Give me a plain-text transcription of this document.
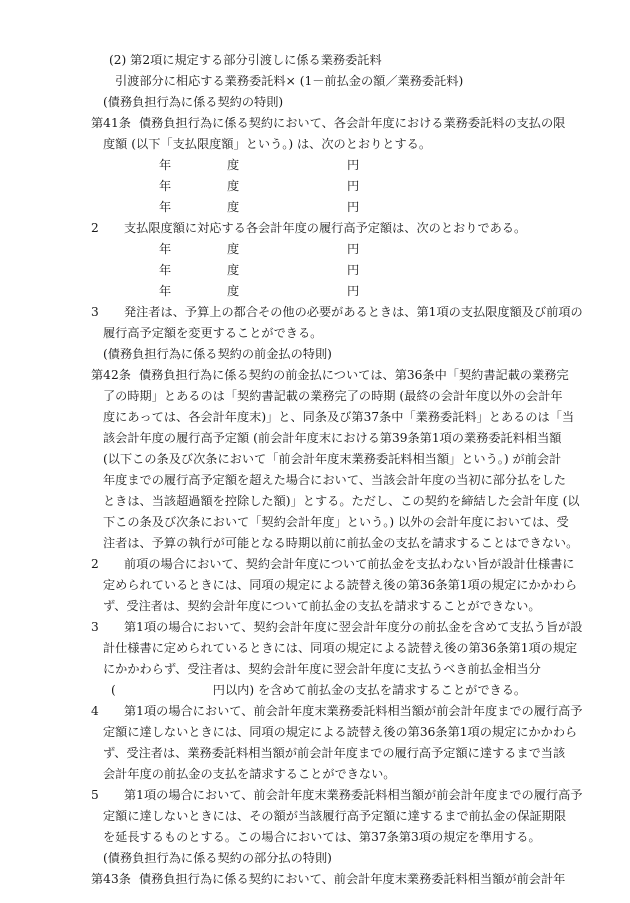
(2) 第2項に規定する部分引渡しに係る業務委託料
引渡部分に相応する業務委託料× (1－前払金の額／業務委託料)
(債務負担行為に係る契約の特則)
第41条 債務負担行為に係る契約において、各会計年度における業務委託料の支払の限
度額 (以下「支払限度額」という。) は、次のとおりとする。
年	度	円
年	度	円
年	度	円
2	支払限度額に対応する各会計年度の履行高予定額は、次のとおりである。
年	度	円
年	度	円
年	度	円
3	発注者は、予算上の都合その他の必要があるときは、第1項の支払限度額及び前項の
履行高予定額を変更することができる。
(債務負担行為に係る契約の前金払の特則)
第42条 債務負担行為に係る契約の前金払については、第36条中「契約書記載の業務完
了の時期」とあるのは「契約書記載の業務完了の時期 (最終の会計年度以外の会計年
度にあっては、各会計年度末)」と、同条及び第37条中「業務委託料」とあるのは「当
該会計年度の履行高予定額 (前会計年度末における第39条第1項の業務委託料相当額
(以下この条及び次条において「前会計年度末業務委託料相当額」という。) が前会計
年度までの履行高予定額を超えた場合において、当該会計年度の当初に部分払をした
ときは、当該超過額を控除した額)」とする。ただし、この契約を締結した会計年度 (以
下この条及び次条において「契約会計年度」という。) 以外の会計年度においては、受
注者は、予算の執行が可能となる時期以前に前払金の支払を請求することはできない。
2	前項の場合において、契約会計年度について前払金を支払わない旨が設計仕様書に
定められているときには、同項の規定による読替え後の第36条第1項の規定にかかわら
ず、受注者は、契約会計年度について前払金の支払を請求することができない。
3	第1項の場合において、契約会計年度に翌会計年度分の前払金を含めて支払う旨が設
計仕様書に定められているときには、同項の規定による読替え後の第36条第1項の規定
にかかわらず、受注者は、契約会計年度に翌会計年度に支払うべき前払金相当分
(	円以内) を含めて前払金の支払を請求することができる。
4	第1項の場合において、前会計年度末業務委託料相当額が前会計年度までの履行高予
定額に達しないときには、同項の規定による読替え後の第36条第1項の規定にかかわら
ず、受注者は、業務委託料相当額が前会計年度までの履行高予定額に達するまで当該
会計年度の前払金の支払を請求することができない。
5	第1項の場合において、前会計年度末業務委託料相当額が前会計年度までの履行高予
定額に達しないときには、その額が当該履行高予定額に達するまで前払金の保証期限
を延長するものとする。この場合においては、第37条第3項の規定を準用する。
(債務負担行為に係る契約の部分払の特則)
第43条 債務負担行為に係る契約において、前会計年度末業務委託料相当額が前会計年
